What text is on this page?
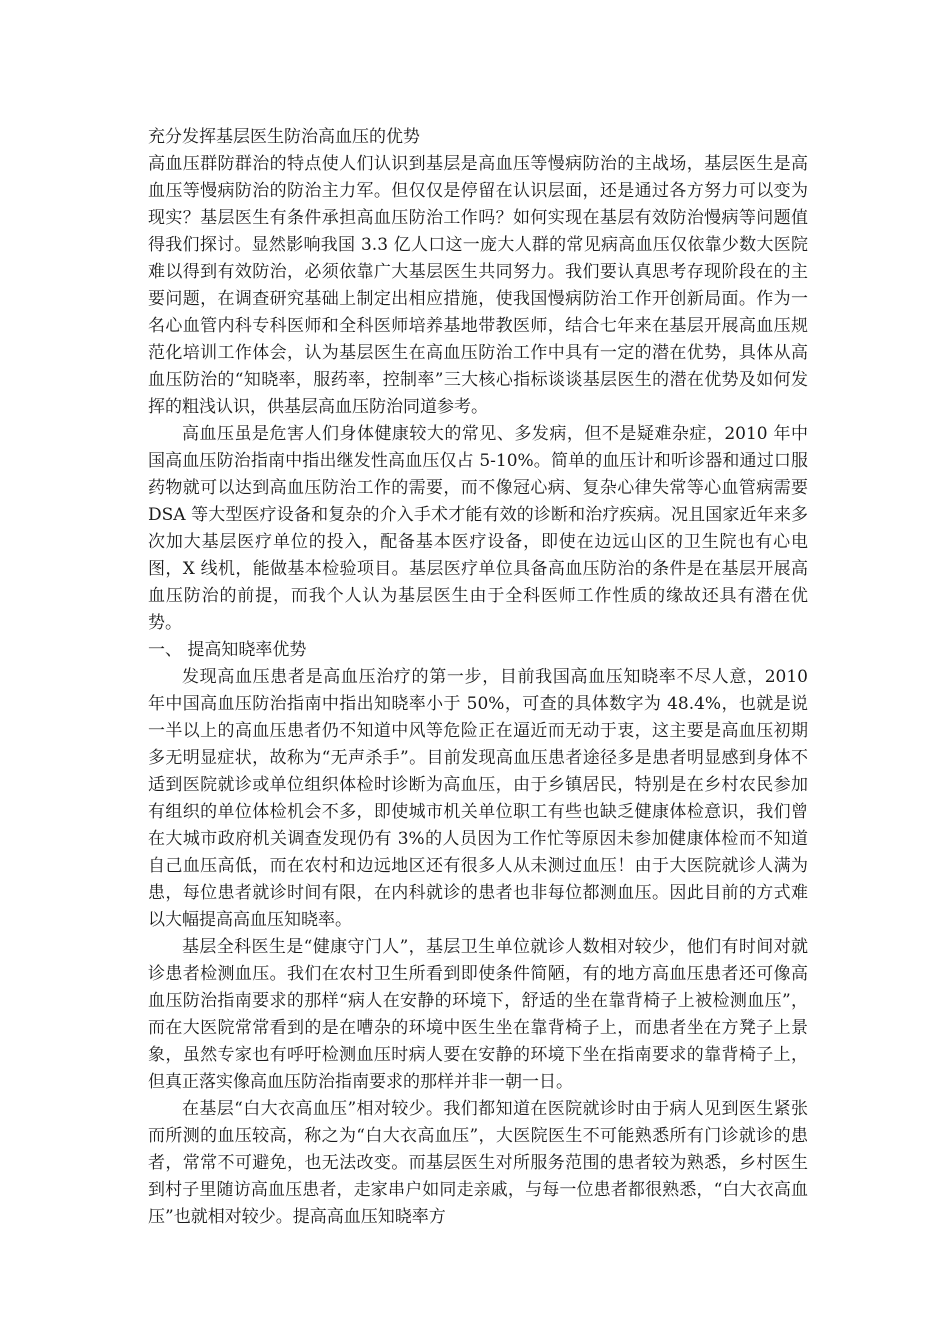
充分发挥基层医生防治高血压的优势

高血压群防群治的特点使人们认识到基层是高血压等慢病防治的主战场，基层医生是高血压等慢病防治的防治主力军。但仅仅是停留在认识层面，还是通过各方努力可以变为现实？基层医生有条件承担高血压防治工作吗？如何实现在基层有效防治慢病等问题值得我们探讨。显然影响我国 3.3 亿人口这一庞大人群的常见病高血压仅依靠少数大医院难以得到有效防治，必须依靠广大基层医生共同努力。我们要认真思考存现阶段在的主要问题，在调查研究基础上制定出相应措施，使我国慢病防治工作开创新局面。作为一名心血管内科专科医师和全科医师培养基地带教医师，结合七年来在基层开展高血压规范化培训工作体会，认为基层医生在高血压防治工作中具有一定的潜在优势，具体从高血压防治的“知晓率，服药率，控制率”三大核心指标谈谈基层医生的潜在优势及如何发挥的粗浅认识，供基层高血压防治同道参考。

高血压虽是危害人们身体健康较大的常见、多发病，但不是疑难杂症，2010 年中国高血压防治指南中指出继发性高血压仅占 5-10%。简单的血压计和听诊器和通过口服药物就可以达到高血压防治工作的需要，而不像冠心病、复杂心律失常等心血管病需要 DSA 等大型医疗设备和复杂的介入手术才能有效的诊断和治疗疾病。况且国家近年来多次加大基层医疗单位的投入，配备基本医疗设备，即使在边远山区的卫生院也有心电图，X 线机，能做基本检验项目。基层医疗单位具备高血压防治的条件是在基层开展高血压防治的前提，而我个人认为基层医生由于全科医师工作性质的缘故还具有潜在优势。

一、 提高知晓率优势

发现高血压患者是高血压治疗的第一步，目前我国高血压知晓率不尽人意，2010 年中国高血压防治指南中指出知晓率小于 50%，可查的具体数字为 48.4%，也就是说一半以上的高血压患者仍不知道中风等危险正在逼近而无动于衷，这主要是高血压初期多无明显症状，故称为“无声杀手”。目前发现高血压患者途径多是患者明显感到身体不适到医院就诊或单位组织体检时诊断为高血压，由于乡镇居民，特别是在乡村农民参加有组织的单位体检机会不多，即使城市机关单位职工有些也缺乏健康体检意识，我们曾在大城市政府机关调查发现仍有 3%的人员因为工作忙等原因未参加健康体检而不知道自己血压高低，而在农村和边远地区还有很多人从未测过血压！由于大医院就诊人满为患，每位患者就诊时间有限，在内科就诊的患者也非每位都测血压。因此目前的方式难以大幅提高高血压知晓率。

基层全科医生是“健康守门人”，基层卫生单位就诊人数相对较少，他们有时间对就诊患者检测血压。我们在农村卫生所看到即使条件简陋，有的地方高血压患者还可像高血压防治指南要求的那样“病人在安静的环境下，舒适的坐在靠背椅子上被检测血压”，而在大医院常常看到的是在嘈杂的环境中医生坐在靠背椅子上，而患者坐在方凳子上景象，虽然专家也有呼吁检测血压时病人要在安静的环境下坐在指南要求的靠背椅子上，但真正落实像高血压防治指南要求的那样并非一朝一日。

在基层“白大衣高血压”相对较少。我们都知道在医院就诊时由于病人见到医生紧张而所测的血压较高，称之为“白大衣高血压”，大医院医生不可能熟悉所有门诊就诊的患者，常常不可避免，也无法改变。而基层医生对所服务范围的患者较为熟悉，乡村医生到村子里随访高血压患者，走家串户如同走亲戚，与每一位患者都很熟悉，“白大衣高血压”也就相对较少。提高高血压知晓率方
